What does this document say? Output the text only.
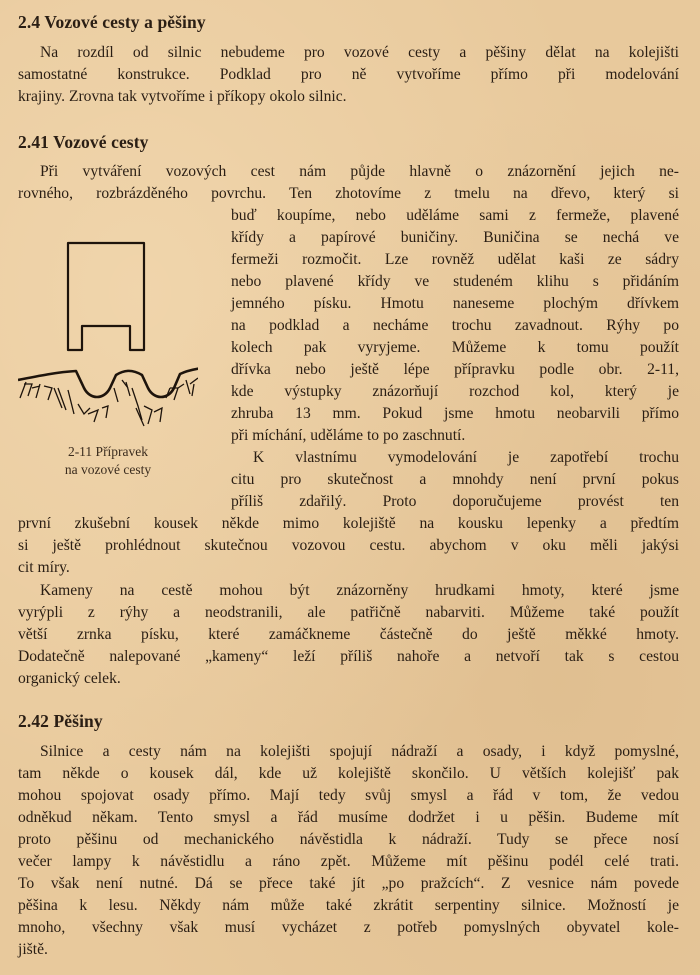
2.4 Vozové cesty a pěšiny
Na rozdíl od silnic nebudeme pro vozové cesty a pěšiny dělat na kolejišti
samostatné konstrukce. Podklad pro ně vytvoříme přímo při modelování
krajiny. Zrovna tak vytvoříme i příkopy okolo silnic.
2.41 Vozové cesty
Při vytváření vozových cest nám půjde hlavně o znázornění jejich ne-
rovného, rozbrázděného povrchu. Ten zhotovíme z tmelu na dřevo, který si
buď koupíme, nebo uděláme sami z fermeže, plavené
křídy a papírové buničiny. Buničina se nechá ve
fermeži rozmočit. Lze rovněž udělat kaši ze sádry
nebo plavené křídy ve studeném klihu s přidáním
jemného písku. Hmotu naneseme plochým dřívkem
na podklad a necháme trochu zavadnout. Rýhy po
kolech pak vyryjeme. Můžeme k tomu použít
dřívka nebo ještě lépe přípravku podle obr. 2-11,
kde výstupky znázorňují rozchod kol, který je
zhruba 13 mm. Pokud jsme hmotu neobarvili přímo
při míchání, uděláme to po zaschnutí.
K vlastnímu vymodelování je zapotřebí trochu
citu pro skutečnost a mnohdy není první pokus
příliš zdařilý. Proto doporučujeme provést ten
první zkušební kousek někde mimo kolejiště na kousku lepenky a předtím
si ještě prohlédnout skutečnou vozovou cestu. abychom v oku měli jakýsi
cit míry.
Kameny na cestě mohou být znázorněny hrudkami hmoty, které jsme
vyrýpli z rýhy a neodstranili, ale patřičně nabarviti. Můžeme také použít
větší zrnka písku, které zamáčkneme částečně do ještě měkké hmoty.
Dodatečně nalepované „kameny“ leží příliš nahoře a netvoří tak s cestou
organický celek.
2-11 Přípravek
na vozové cesty
2.42 Pěšiny
Silnice a cesty nám na kolejišti spojují nádraží a osady, i když pomyslné,
tam někde o kousek dál, kde už kolejiště skončilo. U větších kolejišť pak
mohou spojovat osady přímo. Mají tedy svůj smysl a řád v tom, že vedou
odněkud někam. Tento smysl a řád musíme dodržet i u pěšin. Budeme mít
proto pěšinu od mechanického návěstidla k nádraží. Tudy se přece nosí
večer lampy k návěstidlu a ráno zpět. Můžeme mít pěšinu podél celé trati.
To však není nutné. Dá se přece také jít „po pražcích“. Z vesnice nám povede
pěšina k lesu. Někdy nám může také zkrátit serpentiny silnice. Možností je
mnoho, všechny však musí vycházet z potřeb pomyslných obyvatel kole-
jiště.
